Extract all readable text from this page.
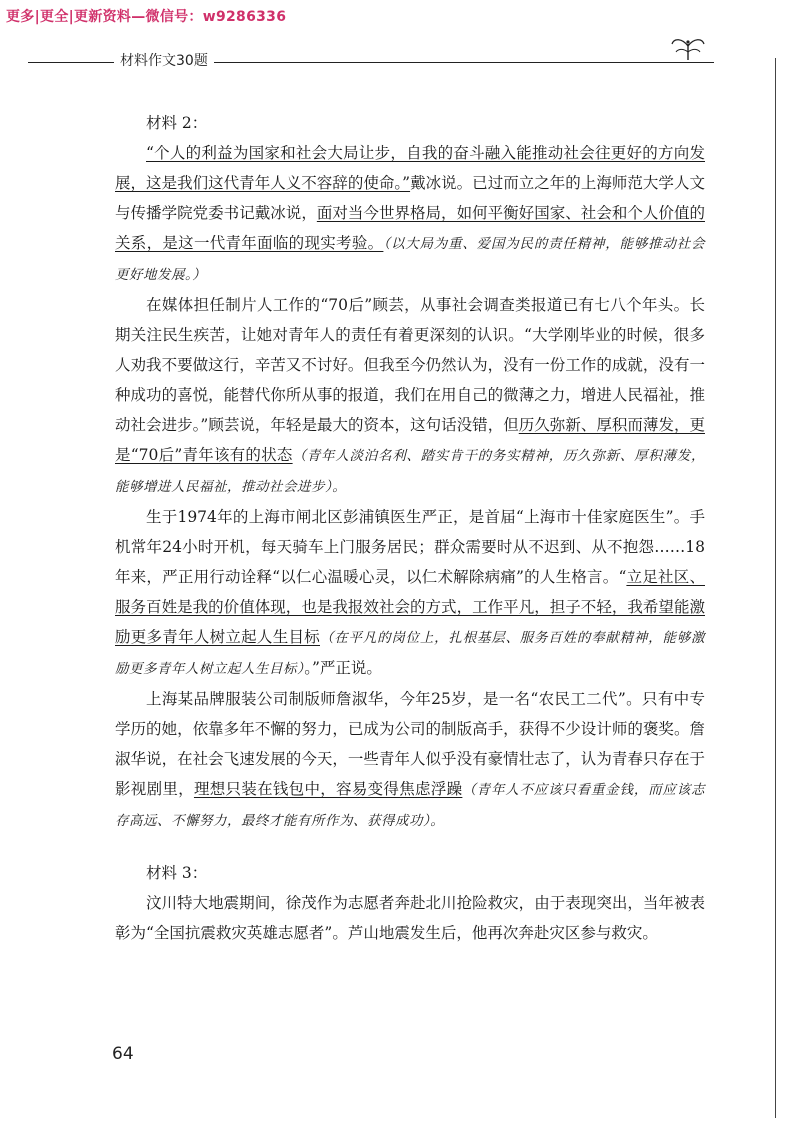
更多|更全|更新资料—微信号：w9286336
材料作文30题

材料 2：

“个人的利益为国家和社会大局让步，自我的奋斗融入能推动社会往更好的方向发展，这是我们这代青年人义不容辞的使命。”戴冰说。已过而立之年的上海师范大学人文与传播学院党委书记戴冰说，面对当今世界格局，如何平衡好国家、社会和个人价值的关系，是这一代青年面临的现实考验。（以大局为重、爱国为民的责任精神，能够推动社会更好地发展。）

在媒体担任制片人工作的“70后”顾芸，从事社会调查类报道已有七八个年头。长期关注民生疾苦，让她对青年人的责任有着更深刻的认识。“大学刚毕业的时候，很多人劝我不要做这行，辛苦又不讨好。但我至今仍然认为，没有一份工作的成就，没有一种成功的喜悦，能替代你所从事的报道，我们在用自己的微薄之力，增进人民福祉，推动社会进步。”顾芸说，年轻是最大的资本，这句话没错，但历久弥新、厚积而薄发，更是“70后”青年该有的状态（青年人淡泊名利、踏实肯干的务实精神，历久弥新、厚积薄发，能够增进人民福祉，推动社会进步）。

生于1974年的上海市闸北区彭浦镇医生严正，是首届“上海市十佳家庭医生”。手机常年24小时开机，每天骑车上门服务居民；群众需要时从不迟到、从不抱怨……18年来，严正用行动诠释“以仁心温暖心灵，以仁术解除病痛”的人生格言。“立足社区、服务百姓是我的价值体现，也是我报效社会的方式，工作平凡，担子不轻，我希望能激励更多青年人树立起人生目标（在平凡的岗位上，扎根基层、服务百姓的奉献精神，能够激励更多青年人树立起人生目标）。”严正说。

上海某品牌服装公司制版师詹淑华，今年25岁，是一名“农民工二代”。只有中专学历的她，依靠多年不懈的努力，已成为公司的制版高手，获得不少设计师的褒奖。詹淑华说，在社会飞速发展的今天，一些青年人似乎没有豪情壮志了，认为青春只存在于影视剧里，理想只装在钱包中，容易变得焦虑浮躁（青年人不应该只看重金钱，而应该志存高远、不懈努力，最终才能有所作为、获得成功）。

材料 3：

汶川特大地震期间，徐茂作为志愿者奔赴北川抢险救灾，由于表现突出，当年被表彰为“全国抗震救灾英雄志愿者”。芦山地震发生后，他再次奔赴灾区参与救灾。

64
